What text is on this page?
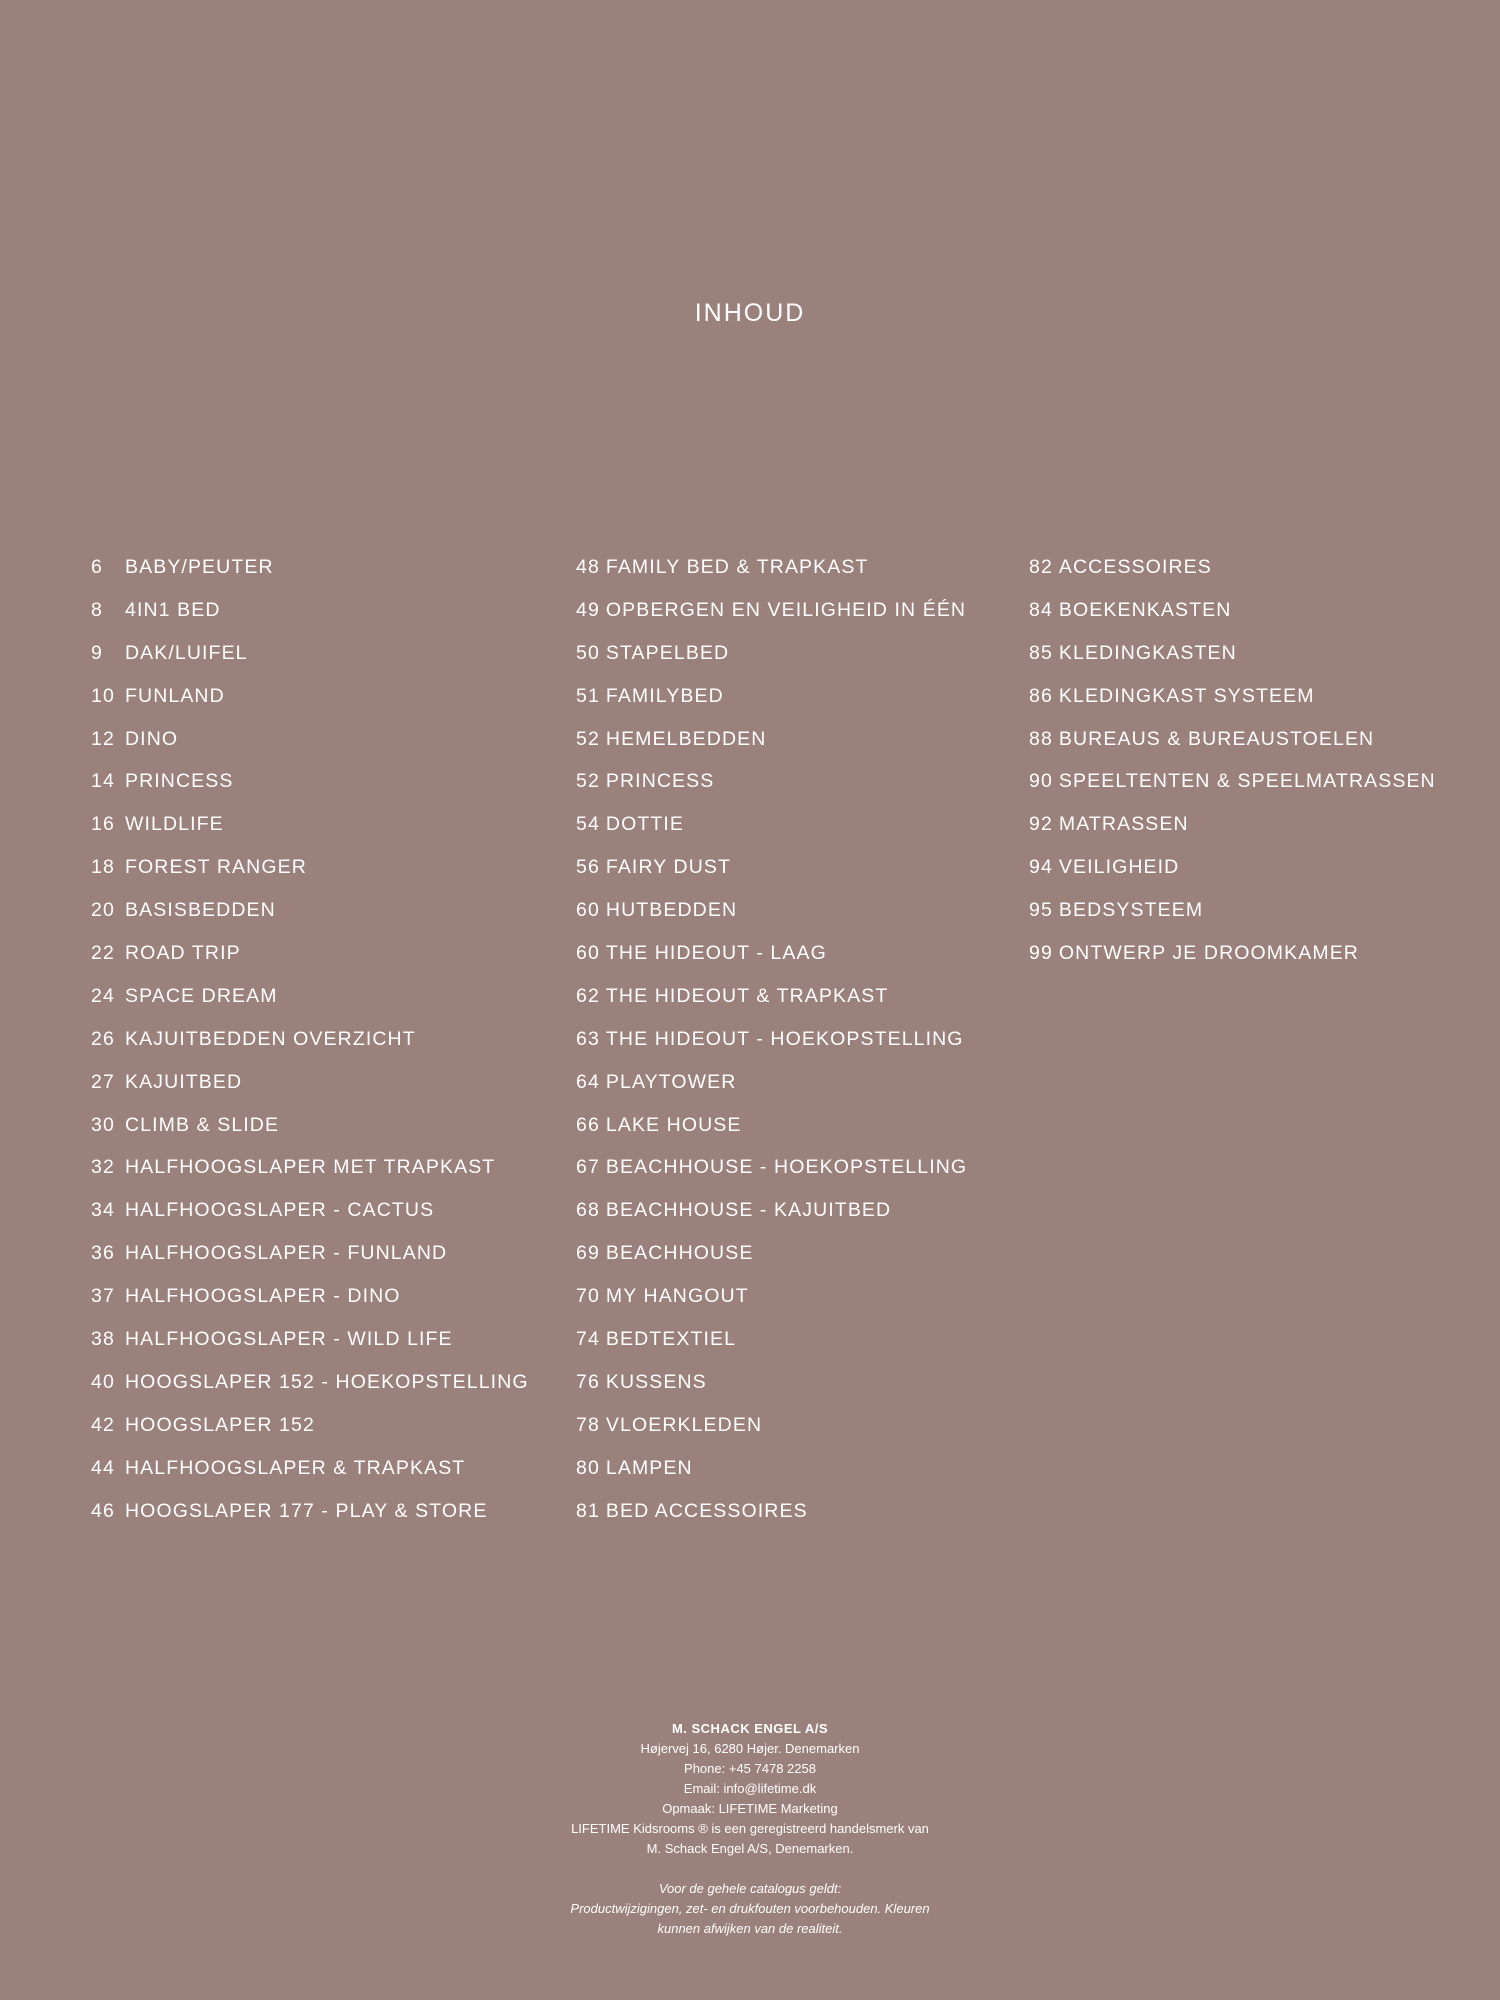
INHOUD
6 BABY/PEUTER
8 4IN1 BED
9 DAK/LUIFEL
10 FUNLAND
12 DINO
14 PRINCESS
16 WILDLIFE
18 FOREST RANGER
20 BASISBEDDEN
22 ROAD TRIP
24 SPACE DREAM
26 KAJUITBEDDEN OVERZICHT
27 KAJUITBED
30 CLIMB & SLIDE
32 HALFHOOGSLAPER MET TRAPKAST
34 HALFHOOGSLAPER - CACTUS
36 HALFHOOGSLAPER - FUNLAND
37 HALFHOOGSLAPER - DINO
38 HALFHOOGSLAPER - WILD LIFE
40 HOOGSLAPER 152 - HOEKOPSTELLING
42 HOOGSLAPER 152
44 HALFHOOGSLAPER & TRAPKAST
46 HOOGSLAPER 177 - PLAY & STORE
48 FAMILY BED & TRAPKAST
49 OPBERGEN EN VEILIGHEID IN ÉÉN
50 STAPELBED
51 FAMILYBED
52 HEMELBEDDEN
52 PRINCESS
54 DOTTIE
56 FAIRY DUST
60 HUTBEDDEN
60 THE HIDEOUT - LAAG
62 THE HIDEOUT & TRAPKAST
63 THE HIDEOUT - HOEKOPSTELLING
64 PLAYTOWER
66 LAKE HOUSE
67 BEACHHOUSE - HOEKOPSTELLING
68 BEACHHOUSE - KAJUITBED
69 BEACHHOUSE
70 MY HANGOUT
74 BEDTEXTIEL
76 KUSSENS
78 VLOERKLEDEN
80 LAMPEN
81 BED ACCESSOIRES
82 ACCESSOIRES
84 BOEKENKASTEN
85 KLEDINGKASTEN
86 KLEDINGKAST SYSTEEM
88 BUREAUS & BUREAUSTOELEN
90 SPEELTENTEN & SPEELMATRASSEN
92 MATRASSEN
94 VEILIGHEID
95 BEDSYSTEEM
99 ONTWERP JE DROOMKAMER
M. SCHACK ENGEL A/S
Højervej 16, 6280 Højer. Denemarken
Phone: +45 7478 2258
Email: info@lifetime.dk
Opmaak: LIFETIME Marketing
LIFETIME Kidsrooms ® is een geregistreerd handelsmerk van
M. Schack Engel A/S, Denemarken.
Voor de gehele catalogus geldt:
Productwijzigingen, zet- en drukfouten voorbehouden. Kleuren
kunnen afwijken van de realiteit.
